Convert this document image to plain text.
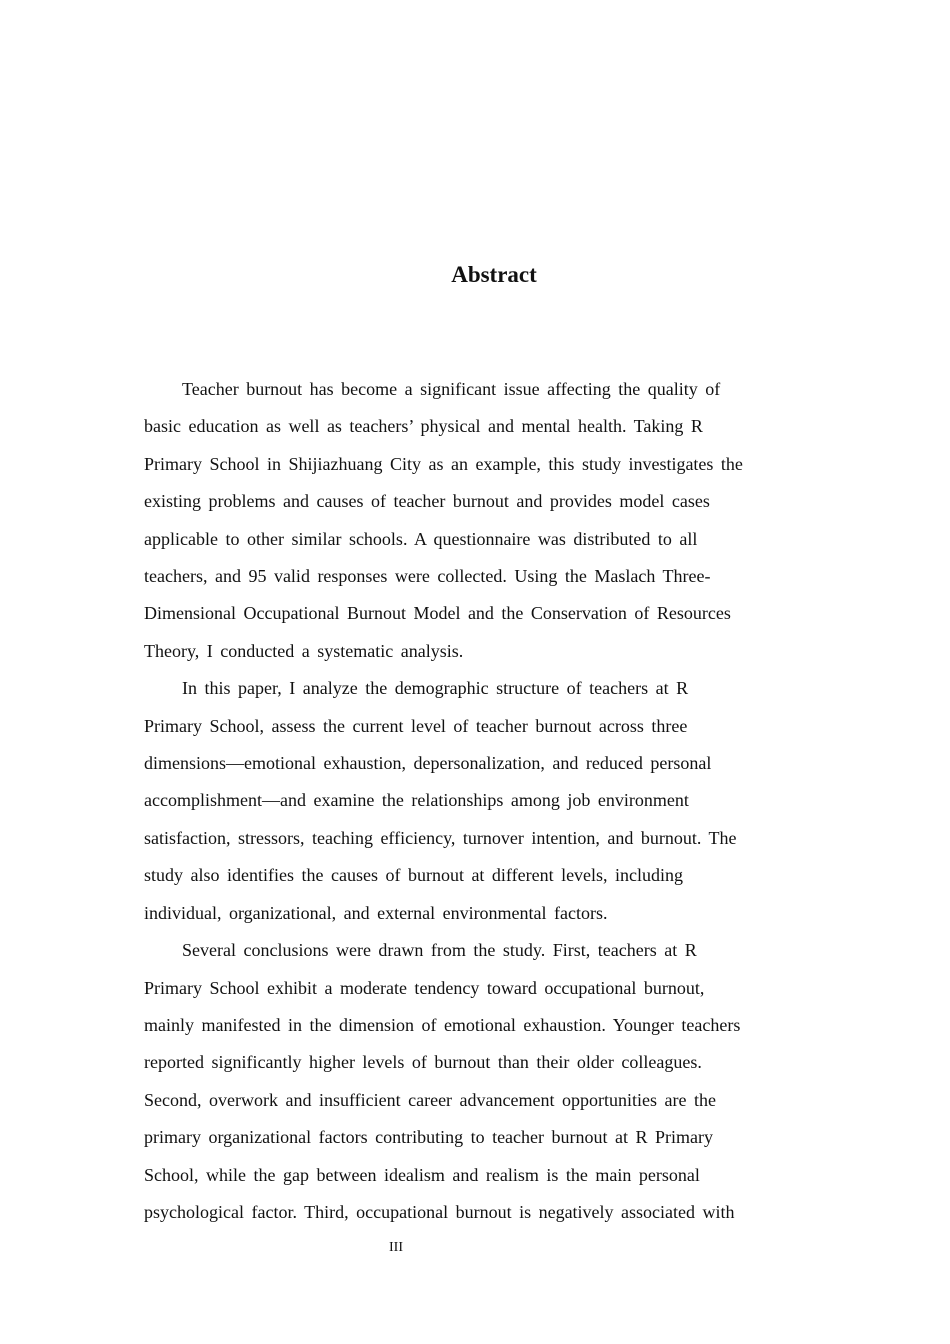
Abstract

Teacher burnout has become a significant issue affecting the quality of
basic education as well as teachers’ physical and mental health. Taking R
Primary School in Shijiazhuang City as an example, this study investigates the
existing problems and causes of teacher burnout and provides model cases
applicable to other similar schools. A questionnaire was distributed to all
teachers, and 95 valid responses were collected. Using the Maslach Three-
Dimensional Occupational Burnout Model and the Conservation of Resources
Theory, I conducted a systematic analysis.

In this paper, I analyze the demographic structure of teachers at R
Primary School, assess the current level of teacher burnout across three
dimensions—emotional exhaustion, depersonalization, and reduced personal
accomplishment—and examine the relationships among job environment
satisfaction, stressors, teaching efficiency, turnover intention, and burnout. The
study also identifies the causes of burnout at different levels, including
individual, organizational, and external environmental factors.

Several conclusions were drawn from the study. First, teachers at R
Primary School exhibit a moderate tendency toward occupational burnout,
mainly manifested in the dimension of emotional exhaustion. Younger teachers
reported significantly higher levels of burnout than their older colleagues.
Second, overwork and insufficient career advancement opportunities are the
primary organizational factors contributing to teacher burnout at R Primary
School, while the gap between idealism and realism is the main personal
psychological factor. Third, occupational burnout is negatively associated with

III
